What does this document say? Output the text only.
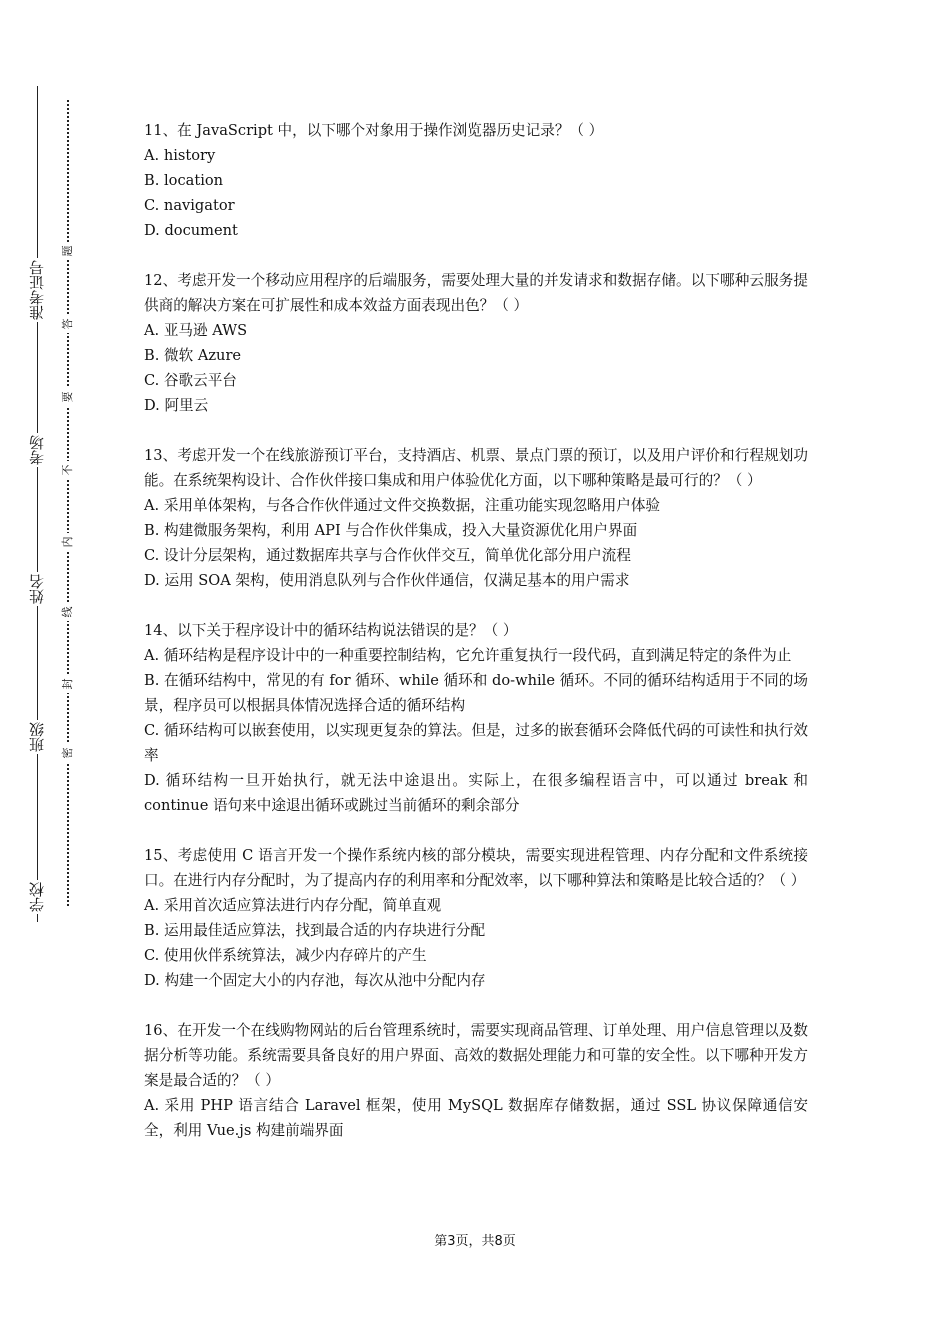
准考证号
考场
姓名
班级
学校
题
答
要
不
内
线
封
密
11、在 JavaScript 中，以下哪个对象用于操作浏览器历史记录？（ ）
A. history
B. location
C. navigator
D. document
12、考虑开发一个移动应用程序的后端服务，需要处理大量的并发请求和数据存储。以下哪种云服务提供商的解决方案在可扩展性和成本效益方面表现出色？（ ）
A. 亚马逊 AWS
B. 微软 Azure
C. 谷歌云平台
D. 阿里云
13、考虑开发一个在线旅游预订平台，支持酒店、机票、景点门票的预订，以及用户评价和行程规划功能。在系统架构设计、合作伙伴接口集成和用户体验优化方面，以下哪种策略是最可行的？（ ）
A. 采用单体架构，与各合作伙伴通过文件交换数据，注重功能实现忽略用户体验
B. 构建微服务架构，利用 API 与合作伙伴集成，投入大量资源优化用户界面
C. 设计分层架构，通过数据库共享与合作伙伴交互，简单优化部分用户流程
D. 运用 SOA 架构，使用消息队列与合作伙伴通信，仅满足基本的用户需求
14、以下关于程序设计中的循环结构说法错误的是？（ ）
A. 循环结构是程序设计中的一种重要控制结构，它允许重复执行一段代码，直到满足特定的条件为止
B. 在循环结构中，常见的有 for 循环、while 循环和 do-while 循环。不同的循环结构适用于不同的场景，程序员可以根据具体情况选择合适的循环结构
C. 循环结构可以嵌套使用，以实现更复杂的算法。但是，过多的嵌套循环会降低代码的可读性和执行效率
D. 循环结构一旦开始执行，就无法中途退出。实际上，在很多编程语言中，可以通过 break 和 continue 语句来中途退出循环或跳过当前循环的剩余部分
15、考虑使用 C 语言开发一个操作系统内核的部分模块，需要实现进程管理、内存分配和文件系统接口。在进行内存分配时，为了提高内存的利用率和分配效率，以下哪种算法和策略是比较合适的？（ ）
A. 采用首次适应算法进行内存分配，简单直观
B. 运用最佳适应算法，找到最合适的内存块进行分配
C. 使用伙伴系统算法，减少内存碎片的产生
D. 构建一个固定大小的内存池，每次从池中分配内存
16、在开发一个在线购物网站的后台管理系统时，需要实现商品管理、订单处理、用户信息管理以及数据分析等功能。系统需要具备良好的用户界面、高效的数据处理能力和可靠的安全性。以下哪种开发方案是最合适的？（ ）
A. 采用 PHP 语言结合 Laravel 框架，使用 MySQL 数据库存储数据，通过 SSL 协议保障通信安全，利用 Vue.js 构建前端界面
第3页，共8页
